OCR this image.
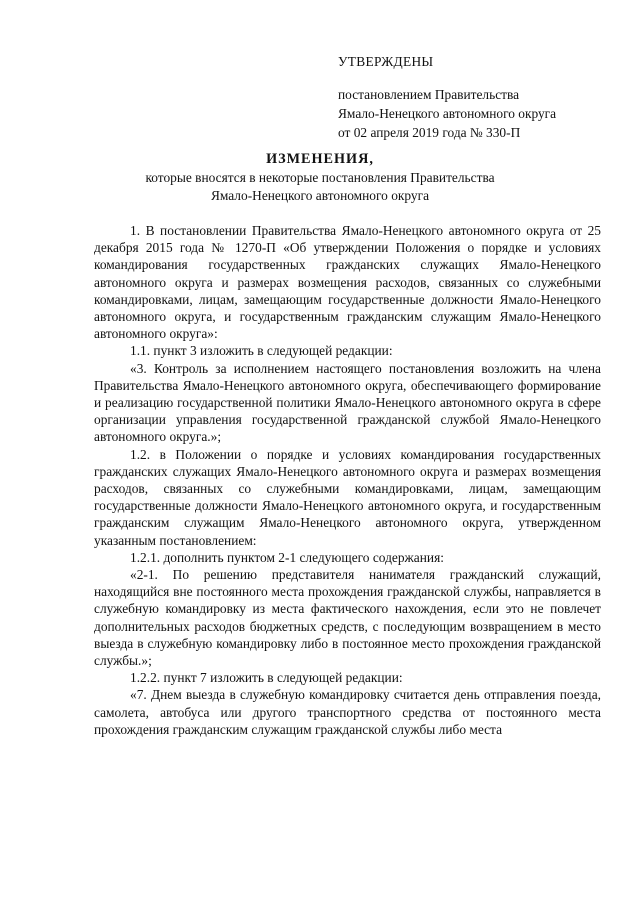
УТВЕРЖДЕНЫ
постановлением Правительства
Ямало-Ненецкого автономного округа
от 02 апреля 2019 года № 330-П
ИЗМЕНЕНИЯ,
которые вносятся в некоторые постановления Правительства
Ямало-Ненецкого автономного округа

1. В постановлении Правительства Ямало-Ненецкого автономного округа от 25 декабря 2015 года № 1270-П «Об утверждении Положения о порядке и условиях командирования государственных гражданских служащих Ямало-Ненецкого автономного округа и размерах возмещения расходов, связанных со служебными командировками, лицам, замещающим государственные должности Ямало-Ненецкого автономного округа, и государственным гражданским служащим Ямало-Ненецкого автономного округа»:

1.1. пункт 3 изложить в следующей редакции:

«3. Контроль за исполнением настоящего постановления возложить на члена Правительства Ямало-Ненецкого автономного округа, обеспечивающего формирование и реализацию государственной политики Ямало-Ненецкого автономного округа в сфере организации управления государственной гражданской службой Ямало-Ненецкого автономного округа.»;

1.2. в Положении о порядке и условиях командирования государственных гражданских служащих Ямало-Ненецкого автономного округа и размерах возмещения расходов, связанных со служебными командировками, лицам, замещающим государственные должности Ямало-Ненецкого автономного округа, и государственным гражданским служащим Ямало-Ненецкого автономного округа, утвержденном указанным постановлением:

1.2.1. дополнить пунктом 2-1 следующего содержания:

«2-1. По решению представителя нанимателя гражданский служащий, находящийся вне постоянного места прохождения гражданской службы, направляется в служебную командировку из места фактического нахождения, если это не повлечет дополнительных расходов бюджетных средств, с последующим возвращением в место выезда в служебную командировку либо в постоянное место прохождения гражданской службы.»;

1.2.2. пункт 7 изложить в следующей редакции:

«7. Днем выезда в служебную командировку считается день отправления поезда, самолета, автобуса или другого транспортного средства от постоянного места прохождения гражданским служащим гражданской службы либо места
